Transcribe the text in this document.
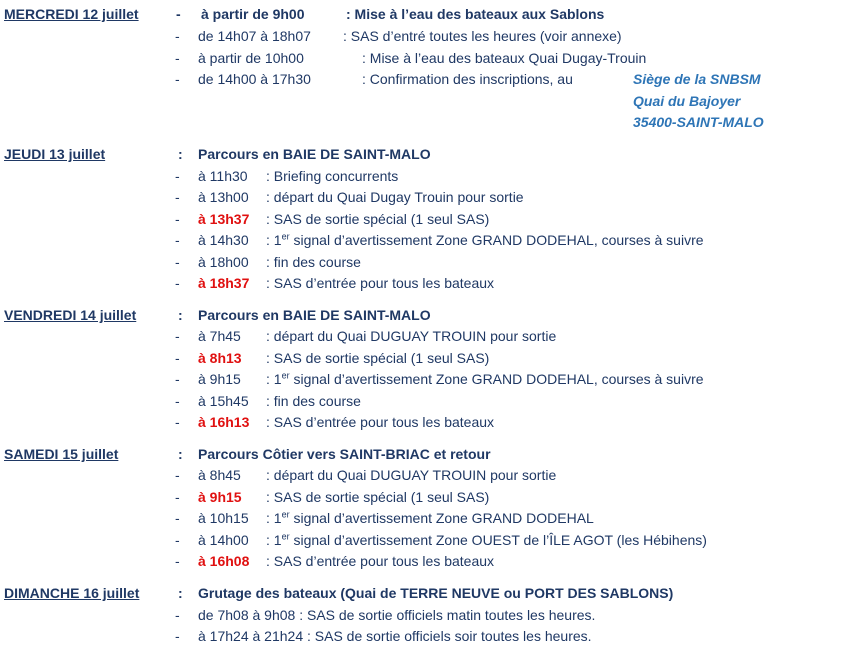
MERCREDI 12 juillet	- à partir de 9h00	: Mise à l’eau des bateaux aux Sablons
- de 14h07 à 18h07 : SAS d’entré toutes les heures (voir annexe)
- à partir de 10h00	: Mise à l’eau des bateaux Quai Dugay-Trouin
- de 14h00 à 17h30	: Confirmation des inscriptions, au	Siège de la SNBSM
Quai du Bajoyer
35400-SAINT-MALO
JEUDI 13 juillet	: Parcours en BAIE DE SAINT-MALO
- à 11h30 : Briefing concurrents
- à 13h00 : départ du Quai Dugay Trouin pour sortie
- à 13h37 : SAS de sortie spécial (1 seul SAS)
- à 14h30 : 1er signal d’avertissement Zone GRAND DODEHAL, courses à suivre
- à 18h00 : fin des course
- à 18h37 : SAS d’entrée pour tous les bateaux
VENDREDI 14 juillet	: Parcours en BAIE DE SAINT-MALO
- à 7h45 : départ du Quai DUGUAY TROUIN pour sortie
- à 8h13 : SAS de sortie spécial (1 seul SAS)
- à 9h15 : 1er signal d’avertissement Zone GRAND DODEHAL, courses à suivre
- à 15h45 : fin des course
- à 16h13 : SAS d’entrée pour tous les bateaux
SAMEDI 15 juillet	: Parcours Côtier vers SAINT-BRIAC et retour
- à 8h45 : départ du Quai DUGUAY TROUIN pour sortie
- à 9h15 : SAS de sortie spécial (1 seul SAS)
- à 10h15 : 1er signal d’avertissement Zone GRAND DODEHAL
- à 14h00 : 1er signal d’avertissement Zone OUEST de l’ÎLE AGOT (les Hébihens)
- à 16h08 : SAS d’entrée pour tous les bateaux
DIMANCHE 16 juillet	: Grutage des bateaux (Quai de TERRE NEUVE ou PORT DES SABLONS)
- de 7h08 à 9h08 : SAS de sortie officiels matin toutes les heures.
- à 17h24 à 21h24 : SAS de sortie officiels soir toutes les heures.
